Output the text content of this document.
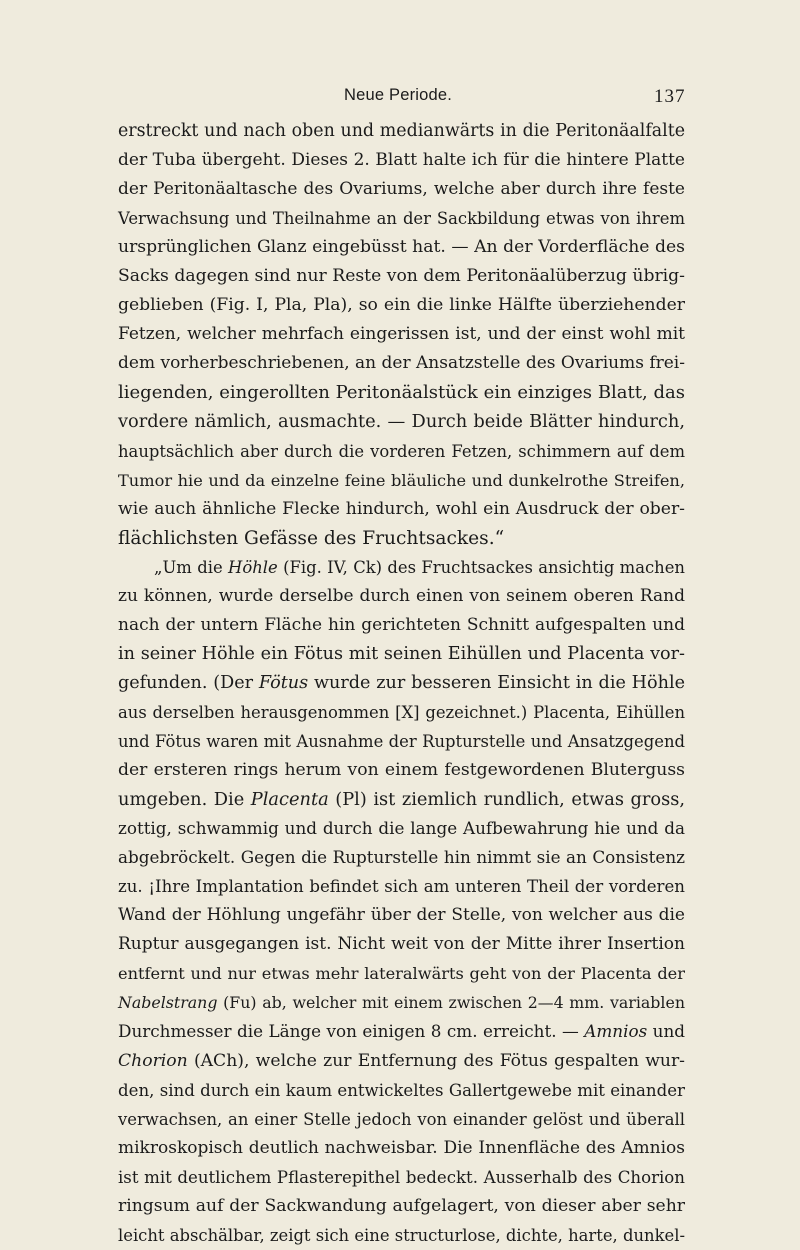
Neue Periode.	137
erstreckt und nach oben und medianwärts in die Peritonäalfalte
der Tuba übergeht. Dieses 2. Blatt halte ich für die hintere Platte
der Peritonäaltasche des Ovariums, welche aber durch ihre feste
Verwachsung und Theilnahme an der Sackbildung etwas von ihrem
ursprünglichen Glanz eingebüsst hat. — An der Vorderfläche des
Sacks dagegen sind nur Reste von dem Peritonäalüberzug übrig-
geblieben (Fig. I, Pla, Pla), so ein die linke Hälfte überziehender
Fetzen, welcher mehrfach eingerissen ist, und der einst wohl mit
dem vorherbeschriebenen, an der Ansatzstelle des Ovariums frei-
liegenden, eingerollten Peritonäalstück ein einziges Blatt, das
vordere nämlich, ausmachte. — Durch beide Blätter hindurch,
hauptsächlich aber durch die vorderen Fetzen, schimmern auf dem
Tumor hie und da einzelne feine bläuliche und dunkelrothe Streifen,
wie auch ähnliche Flecke hindurch, wohl ein Ausdruck der ober-
flächlichsten Gefässe des Fruchtsackes.“
„Um die Höhle (Fig. IV, Ck) des Fruchtsackes ansichtig machen
zu können, wurde derselbe durch einen von seinem oberen Rand
nach der untern Fläche hin gerichteten Schnitt aufgespalten und
in seiner Höhle ein Fötus mit seinen Eihüllen und Placenta vor-
gefunden. (Der Fötus wurde zur besseren Einsicht in die Höhle
aus derselben herausgenommen [X] gezeichnet.) Placenta, Eihüllen
und Fötus waren mit Ausnahme der Rupturstelle und Ansatzgegend
der ersteren rings herum von einem festgewordenen Bluterguss
umgeben. Die Placenta (Pl) ist ziemlich rundlich, etwas gross,
zottig, schwammig und durch die lange Aufbewahrung hie und da
abgebröckelt. Gegen die Rupturstelle hin nimmt sie an Consistenz
zu. ¡Ihre Implantation befindet sich am unteren Theil der vorderen
Wand der Höhlung ungefähr über der Stelle, von welcher aus die
Ruptur ausgegangen ist. Nicht weit von der Mitte ihrer Insertion
entfernt und nur etwas mehr lateralwärts geht von der Placenta der
Nabelstrang (Fu) ab, welcher mit einem zwischen 2—4 mm. variablen
Durchmesser die Länge von einigen 8 cm. erreicht. — Amnios und
Chorion (ACh), welche zur Entfernung des Fötus gespalten wur-
den, sind durch ein kaum entwickeltes Gallertgewebe mit einander
verwachsen, an einer Stelle jedoch von einander gelöst und überall
mikroskopisch deutlich nachweisbar. Die Innenfläche des Amnios
ist mit deutlichem Pflasterepithel bedeckt. Ausserhalb des Chorion
ringsum auf der Sackwandung aufgelagert, von dieser aber sehr
leicht abschälbar, zeigt sich eine structurlose, dichte, harte, dunkel-
